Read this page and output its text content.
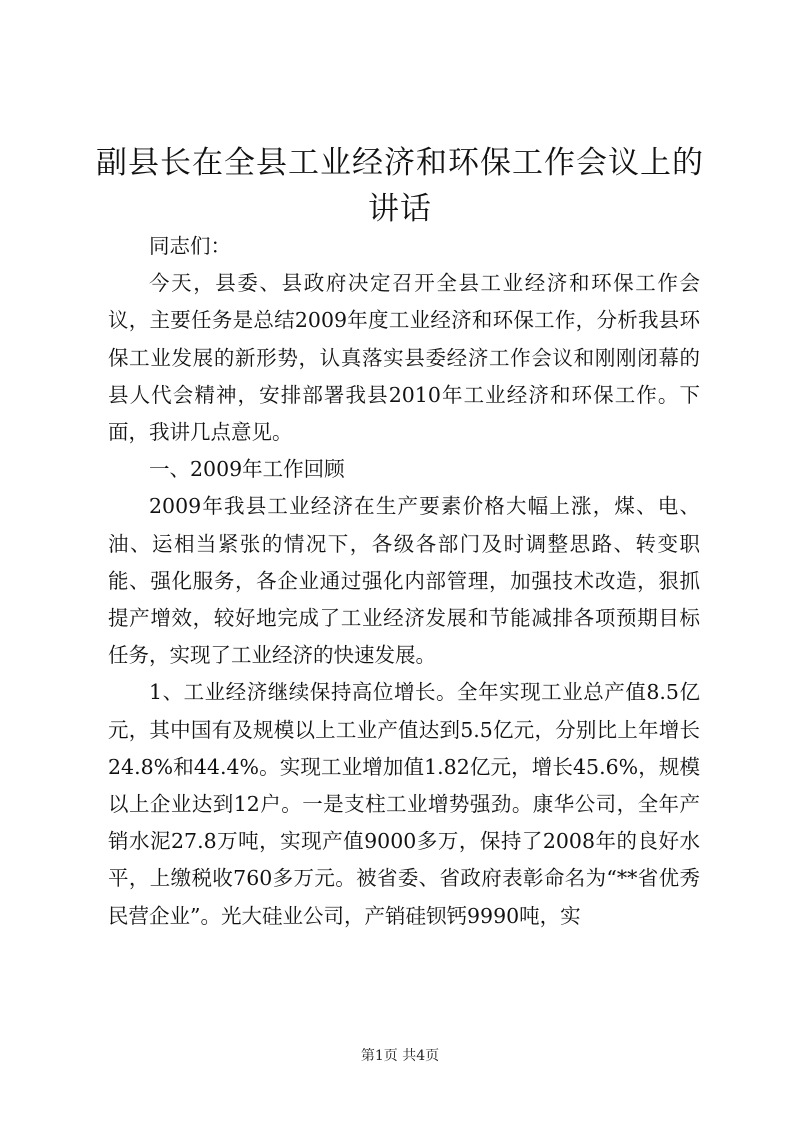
副县长在全县工业经济和环保工作会议上的讲话

同志们：

今天，县委、县政府决定召开全县工业经济和环保工作会议，主要任务是总结2009年度工业经济和环保工作，分析我县环保工业发展的新形势，认真落实县委经济工作会议和刚刚闭幕的县人代会精神，安排部署我县2010年工业经济和环保工作。下面，我讲几点意见。

一、2009年工作回顾

2009年我县工业经济在生产要素价格大幅上涨，煤、电、油、运相当紧张的情况下，各级各部门及时调整思路、转变职能、强化服务，各企业通过强化内部管理，加强技术改造，狠抓提产增效，较好地完成了工业经济发展和节能减排各项预期目标任务，实现了工业经济的快速发展。

1、工业经济继续保持高位增长。全年实现工业总产值8.5亿元，其中国有及规模以上工业产值达到5.5亿元，分别比上年增长24.8%和44.4%。实现工业增加值1.82亿元，增长45.6%，规模以上企业达到12户。一是支柱工业增势强劲。康华公司，全年产销水泥27.8万吨，实现产值9000多万，保持了2008年的良好水平，上缴税收760多万元。被省委、省政府表彰命名为“**省优秀民营企业”。光大硅业公司，产销硅钡钙9990吨，实

第1页 共4页
